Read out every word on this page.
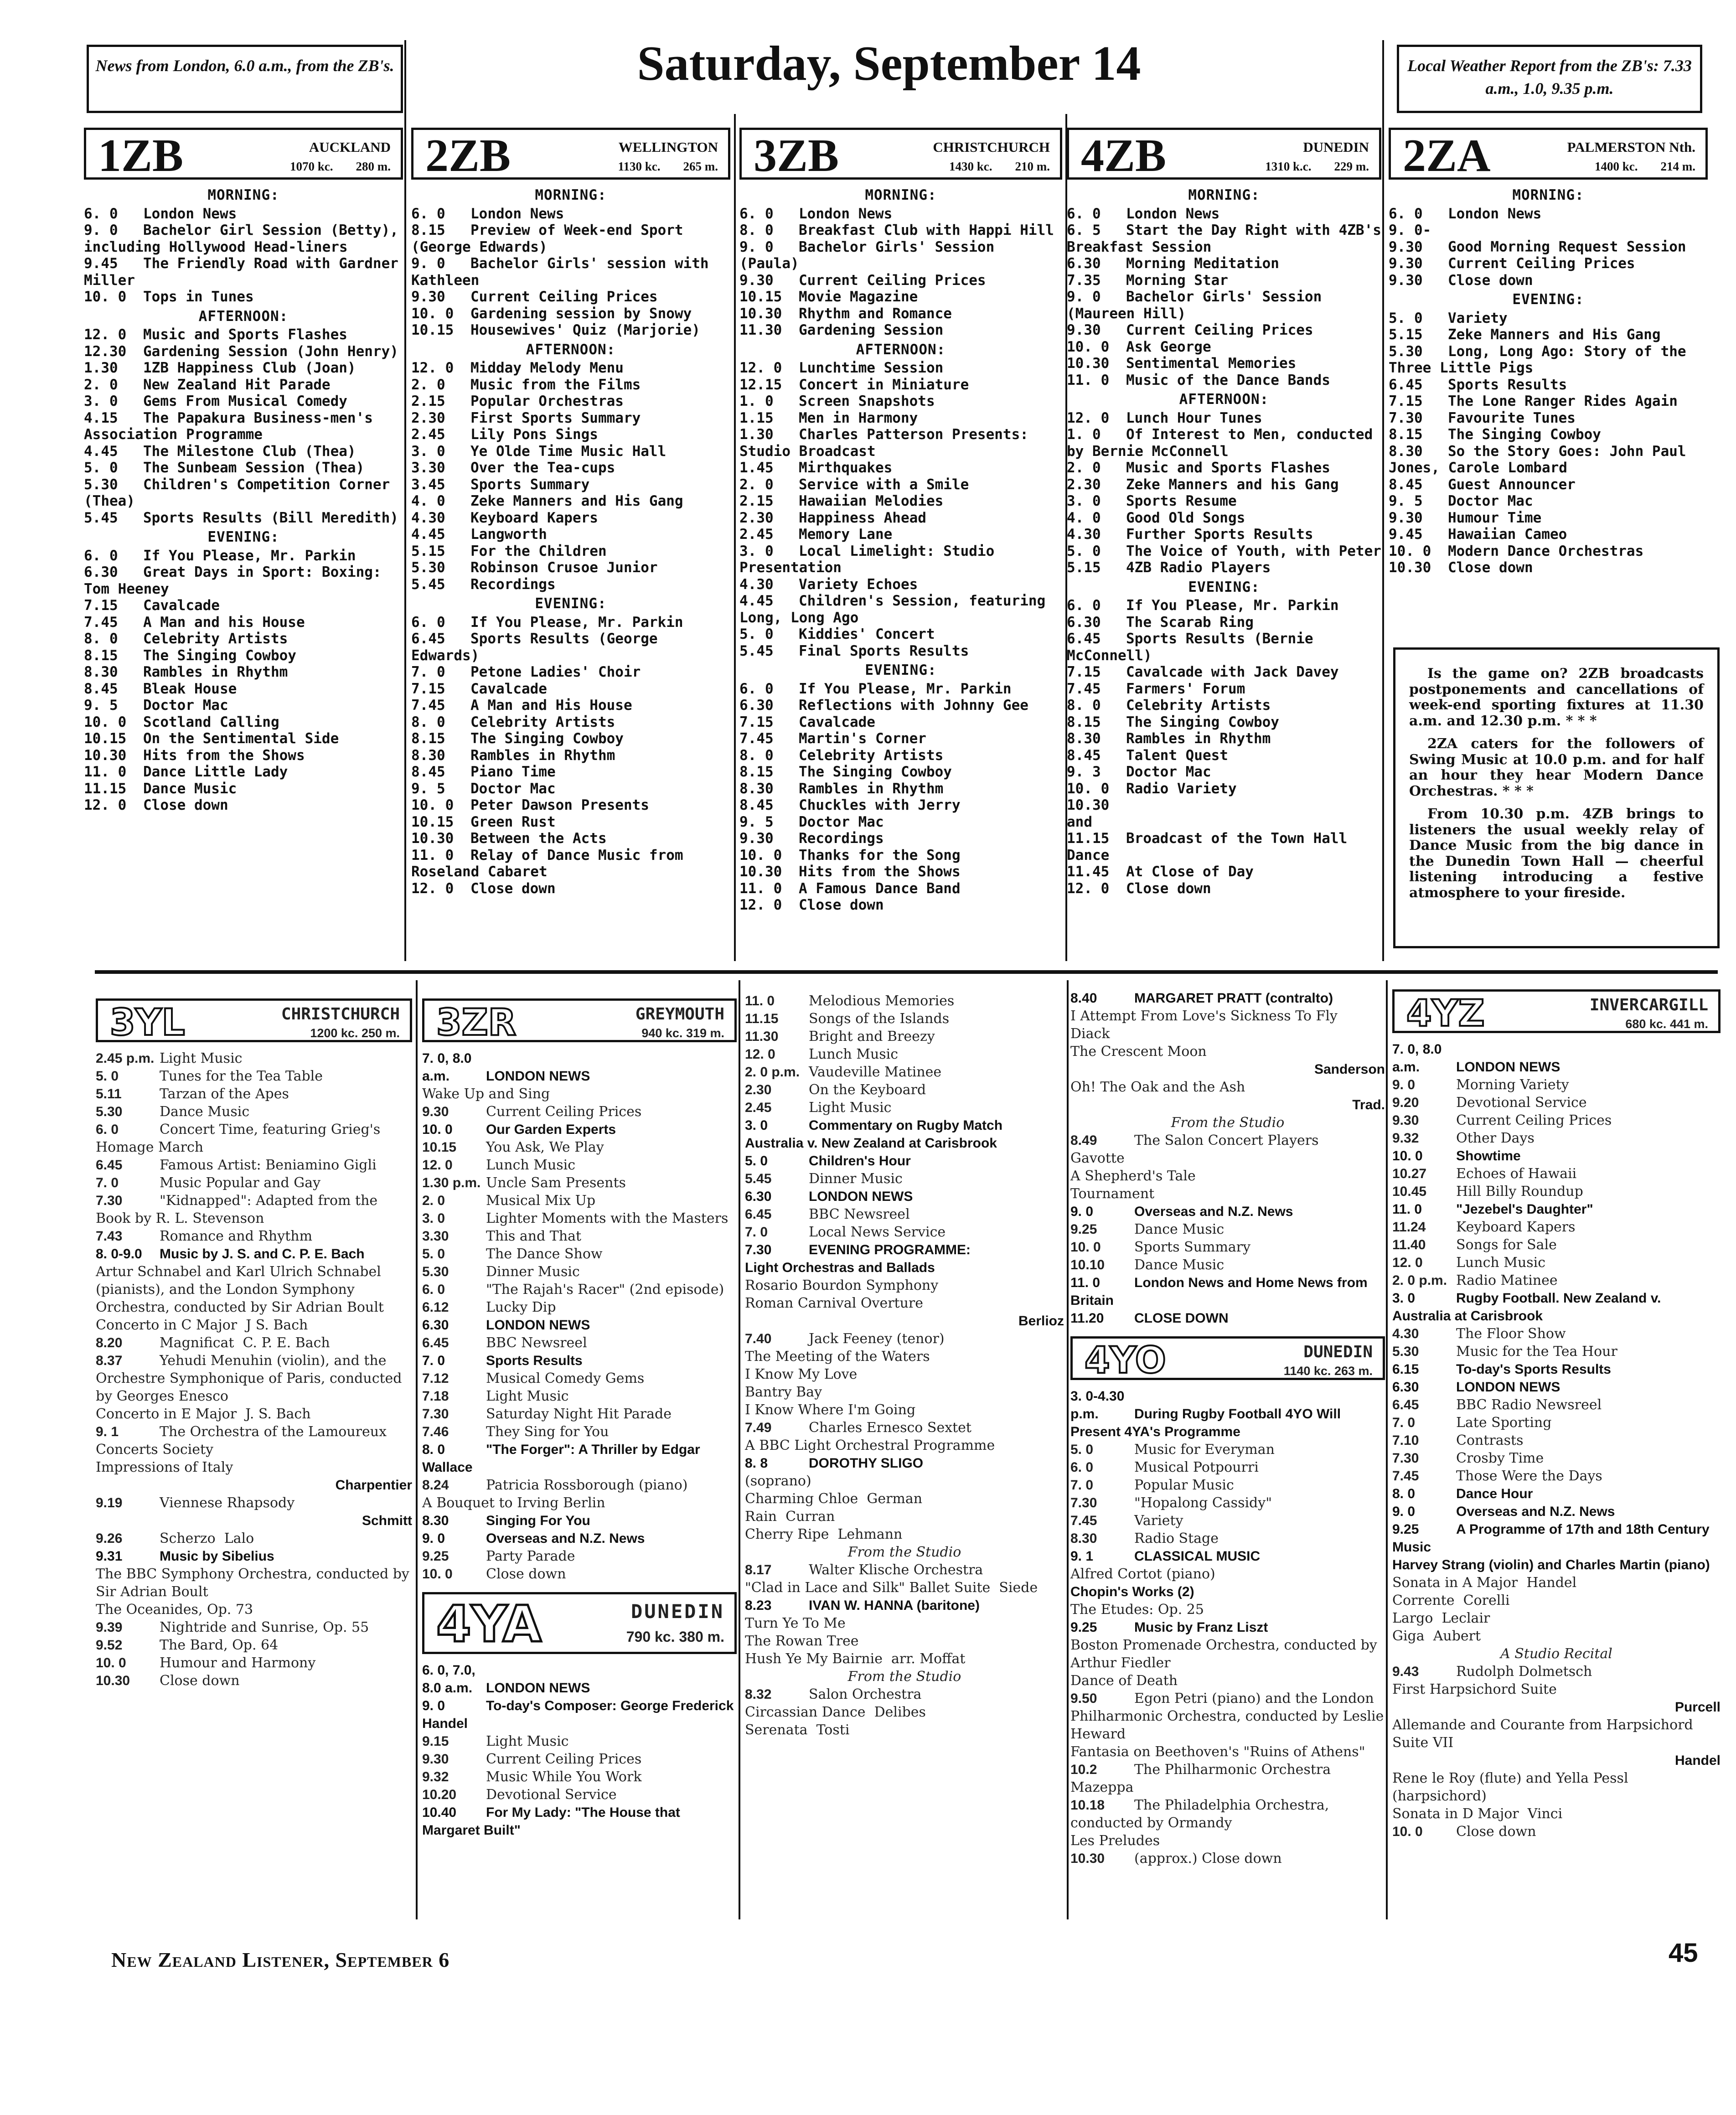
News from London, 6.0 a.m., from the ZB's.	Saturday, September 14	Local Weather Report from the ZB's: 7.33 a.m., 1.0, 9.35 p.m.
1ZB	AUCKLAND
1070 kc. 280 m.
MORNING:
6. 0 London News
9. 0 Bachelor Girl Session (Betty), including Hollywood Head-liners
9.45 The Friendly Road with Gardner Miller
10. 0 Tops in Tunes
AFTERNOON:
12. 0 Music and Sports Flashes
12.30 Gardening Session (John Henry)
1.30 1ZB Happiness Club (Joan)
2. 0 New Zealand Hit Parade
3. 0 Gems From Musical Comedy
4.15 The Papakura Business-men's Association Programme
4.45 The Milestone Club (Thea)
5. 0 The Sunbeam Session (Thea)
5.30 Children's Competition Corner (Thea)
5.45 Sports Results (Bill Meredith)
EVENING:
6. 0 If You Please, Mr. Parkin
6.30 Great Days in Sport: Boxing: Tom Heeney
7.15 Cavalcade
7.45 A Man and his House
8. 0 Celebrity Artists
8.15 The Singing Cowboy
8.30 Rambles in Rhythm
8.45 Bleak House
9. 5 Doctor Mac
10. 0 Scotland Calling
10.15 On the Sentimental Side
10.30 Hits from the Shows
11. 0 Dance Little Lady
11.15 Dance Music
12. 0 Close down
2ZB	WELLINGTON
1130 kc. 265 m.
MORNING:
6. 0 London News
8.15 Preview of Week-end Sport (George Edwards)
9. 0 Bachelor Girls' session with Kathleen
9.30 Current Ceiling Prices
10. 0 Gardening session by Snowy
10.15 Housewives' Quiz (Marjorie)
AFTERNOON:
12. 0 Midday Melody Menu
2. 0 Music from the Films
2.15 Popular Orchestras
2.30 First Sports Summary
2.45 Lily Pons Sings
3. 0 Ye Olde Time Music Hall
3.30 Over the Tea-cups
3.45 Sports Summary
4. 0 Zeke Manners and His Gang
4.30 Keyboard Kapers
4.45 Langworth
5.15 For the Children
5.30 Robinson Crusoe Junior
5.45 Recordings
EVENING:
6. 0 If You Please, Mr. Parkin
6.45 Sports Results (George Edwards)
7. 0 Petone Ladies' Choir
7.15 Cavalcade
7.45 A Man and His House
8. 0 Celebrity Artists
8.15 The Singing Cowboy
8.30 Rambles in Rhythm
8.45 Piano Time
9. 5 Doctor Mac
10. 0 Peter Dawson Presents
10.15 Green Rust
10.30 Between the Acts
11. 0 Relay of Dance Music from Roseland Cabaret
12. 0 Close down
3ZB	CHRISTCHURCH
1430 kc. 210 m.
MORNING:
6. 0 London News
8. 0 Breakfast Club with Happi Hill
9. 0 Bachelor Girls' Session (Paula)
9.30 Current Ceiling Prices
10.15 Movie Magazine
10.30 Rhythm and Romance
11.30 Gardening Session
AFTERNOON:
12. 0 Lunchtime Session
12.15 Concert in Miniature
1. 0 Screen Snapshots
1.15 Men in Harmony
1.30 Charles Patterson Presents: Studio Broadcast
1.45 Mirthquakes
2. 0 Service with a Smile
2.15 Hawaiian Melodies
2.30 Happiness Ahead
2.45 Memory Lane
3. 0 Local Limelight: Studio Presentation
4.30 Variety Echoes
4.45 Children's Session, featuring Long, Long Ago
5. 0 Kiddies' Concert
5.45 Final Sports Results
EVENING:
6. 0 If You Please, Mr. Parkin
6.30 Reflections with Johnny Gee
7.15 Cavalcade
7.45 Martin's Corner
8. 0 Celebrity Artists
8.15 The Singing Cowboy
8.30 Rambles in Rhythm
8.45 Chuckles with Jerry
9. 5 Doctor Mac
9.30 Recordings
10. 0 Thanks for the Song
10.30 Hits from the Shows
11. 0 A Famous Dance Band
12. 0 Close down
4ZB	DUNEDIN
1310 k.c. 229 m.
MORNING:
6. 0 London News
6. 5 Start the Day Right with 4ZB's Breakfast Session
6.30 Morning Meditation
7.35 Morning Star
9. 0 Bachelor Girls' Session (Maureen Hill)
9.30 Current Ceiling Prices
10. 0 Ask George
10.30 Sentimental Memories
11. 0 Music of the Dance Bands
AFTERNOON:
12. 0 Lunch Hour Tunes
1. 0 Of Interest to Men, conducted by Bernie McConnell
2. 0 Music and Sports Flashes
2.30 Zeke Manners and his Gang
3. 0 Sports Resume
4. 0 Good Old Songs
4.30 Further Sports Results
5. 0 The Voice of Youth, with Peter
5.15 4ZB Radio Players
EVENING:
6. 0 If You Please, Mr. Parkin
6.30 The Scarab Ring
6.45 Sports Results (Bernie McConnell)
7.15 Cavalcade with Jack Davey
7.45 Farmers' Forum
8. 0 Celebrity Artists
8.15 The Singing Cowboy
8.30 Rambles in Rhythm
8.45 Talent Quest
9. 3 Doctor Mac
10. 0 Radio Variety
10.30 and 11.15 Broadcast of the Town Hall Dance
11.45 At Close of Day
12. 0 Close down
2ZA	PALMERSTON Nth.
1400 kc. 214 m.
MORNING:
6. 0 London News
9. 0-9.30 Good Morning Request Session
9.30 Current Ceiling Prices
9.30 Close down
EVENING:
5. 0 Variety
5.15 Zeke Manners and His Gang
5.30 Long, Long Ago: Story of the Three Little Pigs
6.45 Sports Results
7.15 The Lone Ranger Rides Again
7.30 Favourite Tunes
8.15 The Singing Cowboy
8.30 So the Story Goes: John Paul Jones, Carole Lombard
8.45 Guest Announcer
9. 5 Doctor Mac
9.30 Humour Time
9.45 Hawaiian Cameo
10. 0 Modern Dance Orchestras
10.30 Close down

Is the game on? 2ZB broadcasts postponements and cancellations of week-end sporting fixtures at 11.30 a.m. and 12.30 p.m. * * *

2ZA caters for the followers of Swing Music at 10.0 p.m. and for half an hour they hear Modern Dance Orchestras. * * *

From 10.30 p.m. 4ZB brings to listeners the usual weekly relay of Dance Music from the big dance in the Dunedin Town Hall — cheerful listening introducing a festive atmosphere to your fireside.

3YL	CHRISTCHURCH
1200 kc. 250 m.
2.45 p.m. Light Music
5. 0	Tunes for the Tea Table
5.11	Tarzan of the Apes
5.30	Dance Music
6. 0	Concert Time, featuring Grieg's Homage March
6.45	Famous Artist: Beniamino Gigli
7. 0	Music Popular and Gay
7.30	"Kidnapped": Adapted from the Book by R. L. Stevenson
7.43	Romance and Rhythm
8. 0-9.0 Music by J. S. and C. P. E. Bach
Artur Schnabel and Karl Ulrich Schnabel (pianists), and the London Symphony Orchestra, conducted by Sir Adrian Boult
Concerto in C Major  J S. Bach
8.20	Magnificat  C. P. E. Bach
8.37	Yehudi Menuhin (violin), and the Orchestre Symphonique of Paris, conducted by Georges Enesco
Concerto in E Major  J. S. Bach
9. 1	The Orchestra of the Lamoureux Concerts Society
Impressions of Italy
Charpentier
9.19	Viennese Rhapsody
Schmitt
9.26	Scherzo  Lalo
9.31	Music by Sibelius
The BBC Symphony Orchestra, conducted by Sir Adrian Boult
The Oceanides, Op. 73
9.39	Nightride and Sunrise, Op. 55
9.52	The Bard, Op. 64
10. 0 Humour and Harmony
10.30 Close down
3ZR	GREYMOUTH
940 kc. 319 m.
7. 0, 8.0 a.m.	LONDON NEWS
Wake Up and Sing
9.30	Current Ceiling Prices
10. 0 Our Garden Experts
10.15 You Ask, We Play
12. 0 Lunch Music
1.30 p.m. Uncle Sam Presents
2. 0	Musical Mix Up
3. 0	Lighter Moments with the Masters
3.30	This and That
5. 0	The Dance Show
5.30	Dinner Music
6. 0	"The Rajah's Racer" (2nd episode)
6.12	Lucky Dip
6.30	LONDON NEWS
6.45	BBC Newsreel
7. 0	Sports Results
7.12	Musical Comedy Gems
7.18	Light Music
7.30	Saturday Night Hit Parade
7.46	They Sing for You
8. 0	"The Forger": A Thriller by Edgar Wallace
8.24	Patricia Rossborough (piano)
A Bouquet to Irving Berlin
8.30	Singing For You
9. 0	Overseas and N.Z. News
9.25	Party Parade
10. 0 Close down
4YA	DUNEDIN
790 kc. 380 m.
6. 0, 7.0, 8.0 a.m. LONDON NEWS
9. 0	To-day's Composer: George Frederick Handel
9.15	Light Music
9.30	Current Ceiling Prices
9.32	Music While You Work
10.20 Devotional Service
10.40 For My Lady: "The House that Margaret Built"
11. 0 Melodious Memories
11.15 Songs of the Islands
11.30 Bright and Breezy
12. 0 Lunch Music
2. 0 p.m. Vaudeville Matinee
2.30	On the Keyboard
2.45	Light Music
3. 0	Commentary on Rugby Match Australia v. New Zealand at Carisbrook
5. 0	Children's Hour
5.45	Dinner Music
6.30	LONDON NEWS
6.45	BBC Newsreel
7. 0	Local News Service
7.30	EVENING PROGRAMME:
Light Orchestras and Ballads
Rosario Bourdon Symphony
Roman Carnival Overture
Berlioz
7.40	Jack Feeney (tenor)
The Meeting of the Waters
I Know My Love
Bantry Bay
I Know Where I'm Going
7.49	Charles Ernesco Sextet
A BBC Light Orchestral Programme
8. 8	DOROTHY SLIGO
(soprano)
Charming Chloe  German
Rain  Curran
Cherry Ripe  Lehmann
From the Studio
8.17	Walter Klische Orchestra
"Clad in Lace and Silk" Ballet Suite  Siede
8.23	IVAN W. HANNA (baritone)
Turn Ye To Me
The Rowan Tree
Hush Ye My Bairnie  arr. Moffat
From the Studio
8.32	Salon Orchestra
Circassian Dance  Delibes
Serenata  Tosti
8.40	MARGARET PRATT (contralto)
I Attempt From Love's Sickness To Fly  Diack
The Crescent Moon
Sanderson
Oh! The Oak and the Ash
Trad.
From the Studio
8.49	The Salon Concert Players
Gavotte
A Shepherd's Tale
Tournament
9. 0	Overseas and N.Z. News
9.25	Dance Music
10. 0 Sports Summary
10.10 Dance Music
11. 0 London News and Home News from Britain
11.20 CLOSE DOWN
4YO	DUNEDIN
1140 kc. 263 m.
3. 0-4.30 p.m.	During Rugby Football 4YO Will Present 4YA's Programme
5. 0	Music for Everyman
6. 0	Musical Potpourri
7. 0	Popular Music
7.30	"Hopalong Cassidy"
7.45	Variety
8.30	Radio Stage
9. 1	CLASSICAL MUSIC
Alfred Cortot (piano)
Chopin's Works (2)
The Etudes: Op. 25
9.25	Music by Franz Liszt
Boston Promenade Orchestra, conducted by Arthur Fiedler
Dance of Death
9.50	Egon Petri (piano) and the London Philharmonic Orchestra, conducted by Leslie Heward
Fantasia on Beethoven's "Ruins of Athens"
10.2	The Philharmonic Orchestra
Mazeppa
10.18 The Philadelphia Orchestra, conducted by Ormandy
Les Preludes
10.30 (approx.) Close down
4YZ	INVERCARGILL
680 kc. 441 m.
7. 0, 8.0 a.m.	LONDON NEWS
9. 0	Morning Variety
9.20	Devotional Service
9.30	Current Ceiling Prices
9.32	Other Days
10. 0 Showtime
10.27 Echoes of Hawaii
10.45 Hill Billy Roundup
11. 0 "Jezebel's Daughter"
11.24 Keyboard Kapers
11.40 Songs for Sale
12. 0 Lunch Music
2. 0 p.m. Radio Matinee
3. 0	Rugby Football. New Zealand v. Australia at Carisbrook
4.30	The Floor Show
5.30	Music for the Tea Hour
6.15	To-day's Sports Results
6.30	LONDON NEWS
6.45	BBC Radio Newsreel
7. 0	Late Sporting
7.10	Contrasts
7.30	Crosby Time
7.45	Those Were the Days
8. 0	Dance Hour
9. 0	Overseas and N.Z. News
9.25	A Programme of 17th and 18th Century Music
Harvey Strang (violin) and Charles Martin (piano)
Sonata in A Major  Handel
Corrente  Corelli
Largo  Leclair
Giga  Aubert
A Studio Recital
9.43	Rudolph Dolmetsch
First Harpsichord Suite
Purcell
Allemande and Courante from Harpsichord Suite VII
Handel
Rene le Roy (flute) and Yella Pessl (harpsichord)
Sonata in D Major  Vinci
10. 0 Close down
New Zealand Listener, September 6	45
